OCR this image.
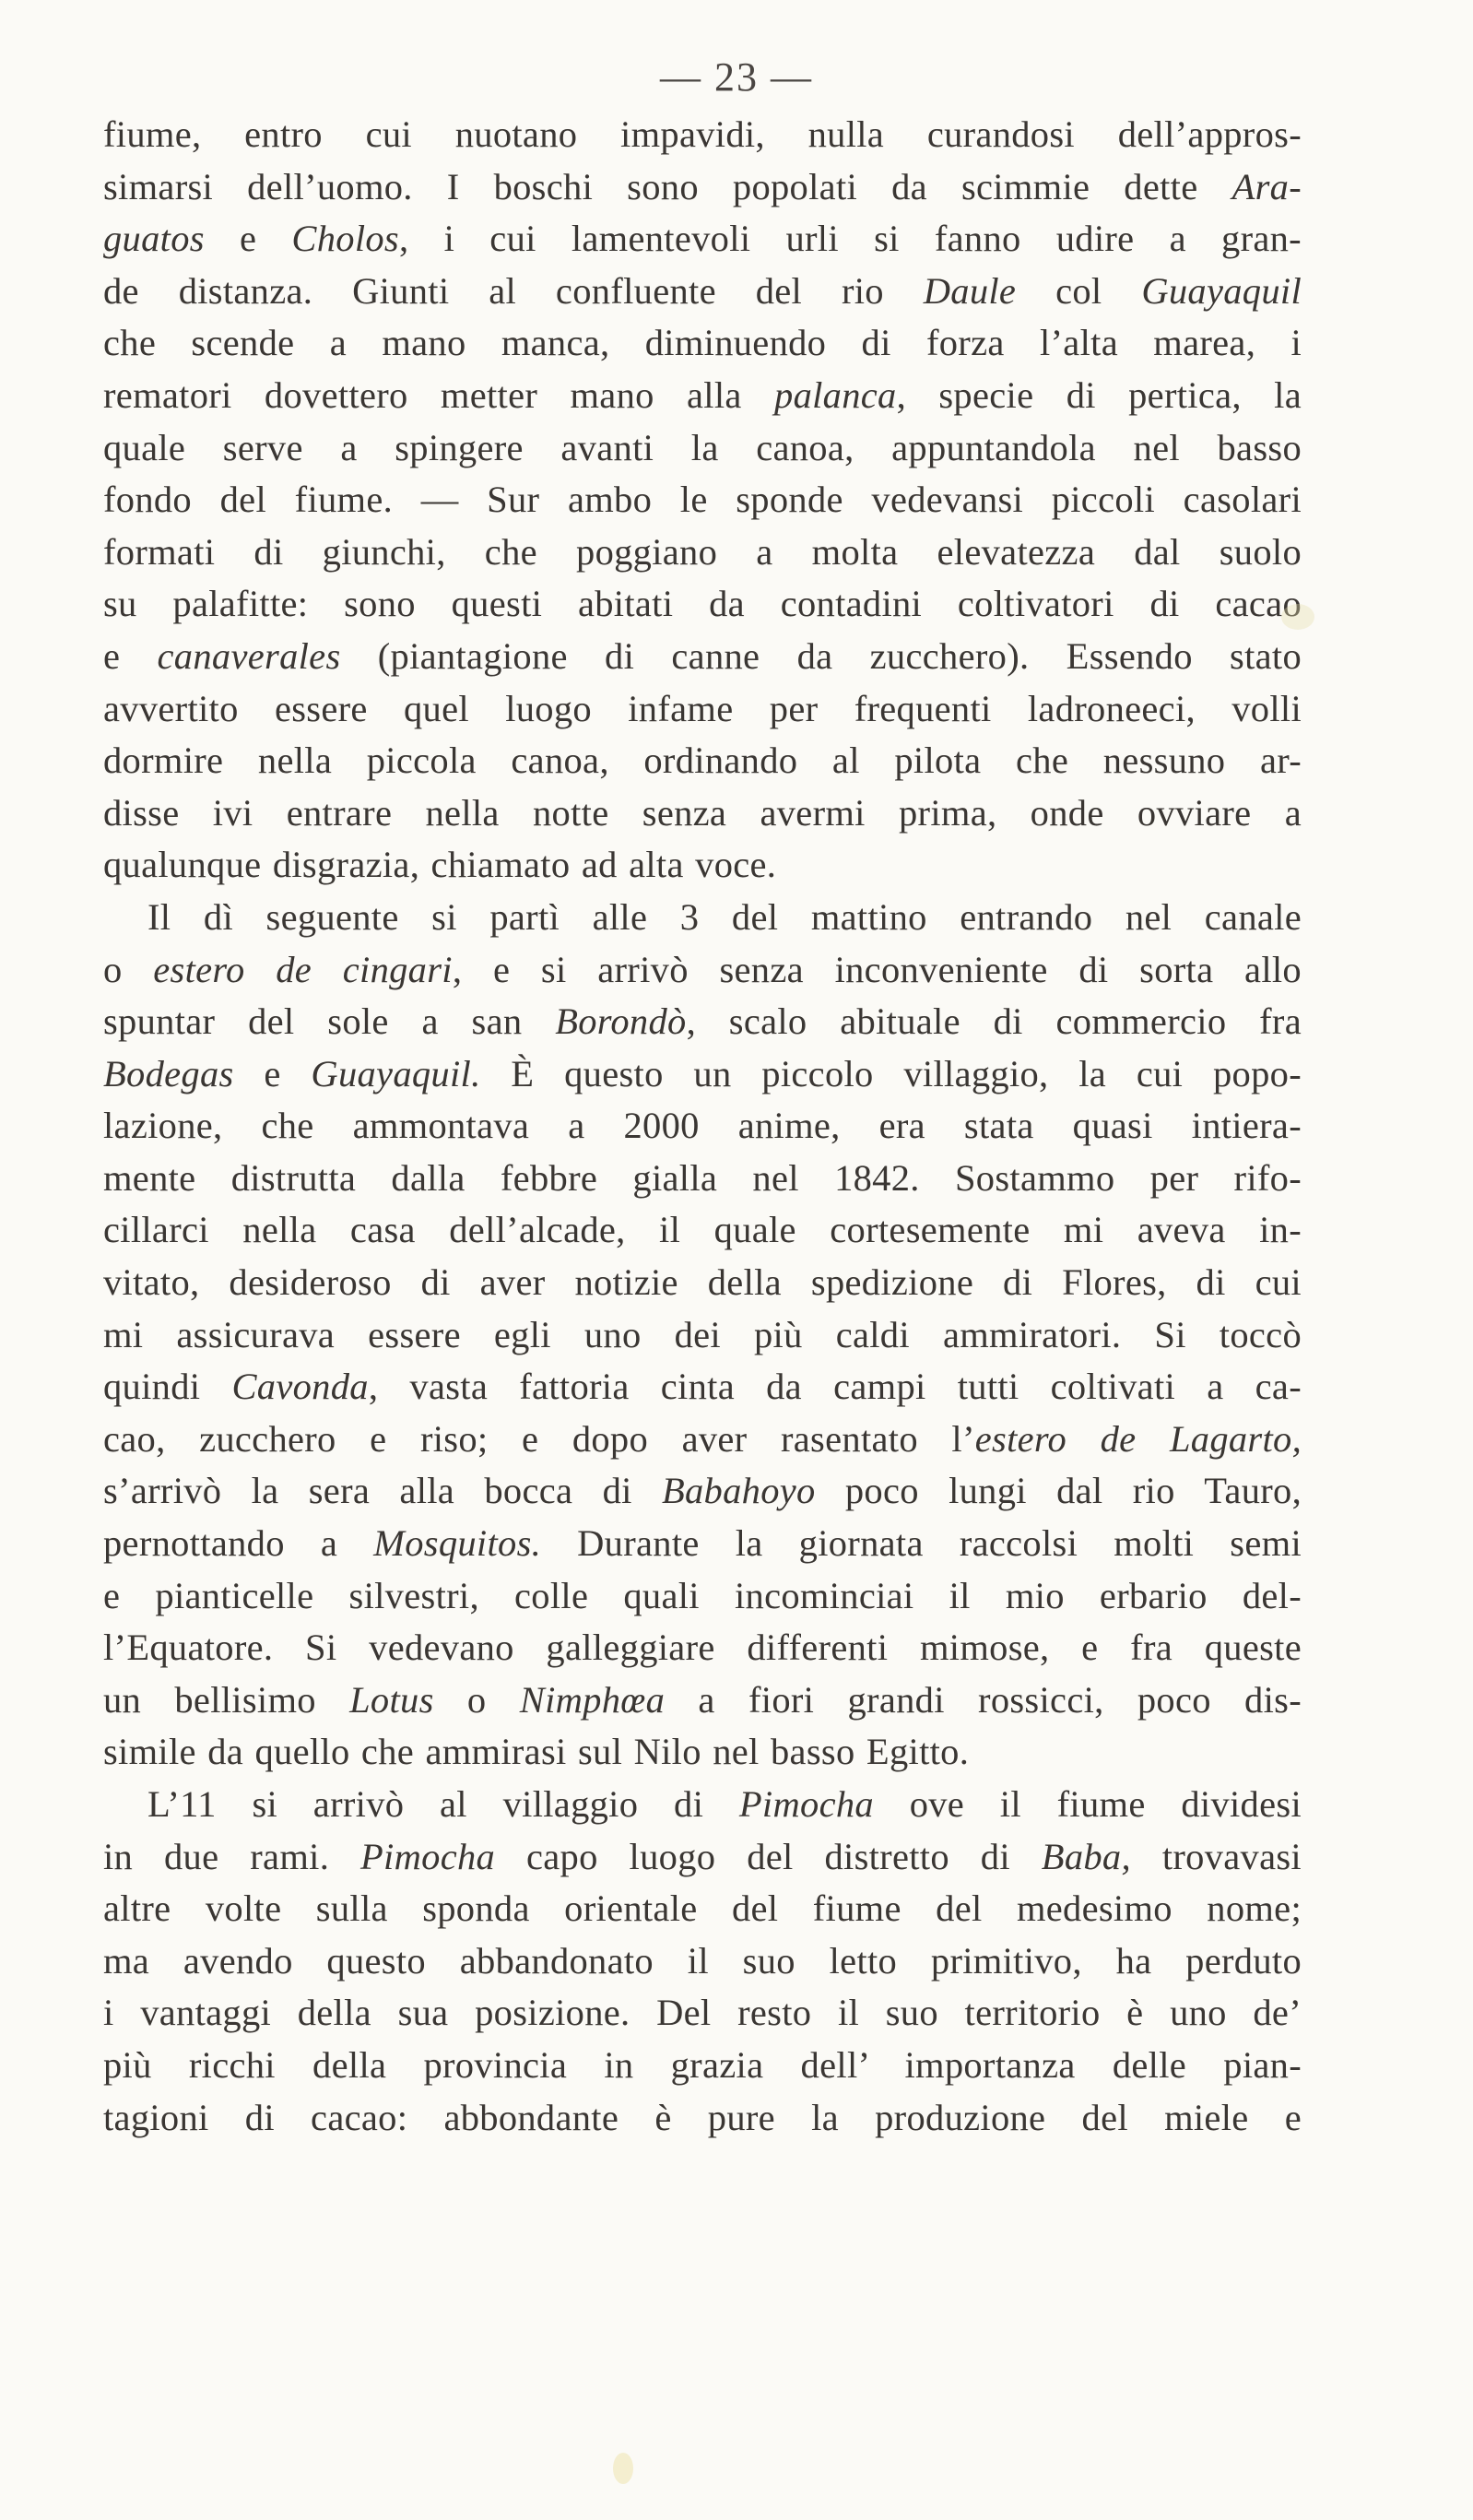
— 23 —
fiume, entro cui nuotano impavidi, nulla curandosi dell’appros-
simarsi dell’uomo. I boschi sono popolati da scimmie dette Ara-
guatos e Cholos, i cui lamentevoli urli si fanno udire a gran-
de distanza. Giunti al confluente del rio Daule col Guayaquil
che scende a mano manca, diminuendo di forza l’alta marea, i
rematori dovettero metter mano alla palanca, specie di pertica, la
quale serve a spingere avanti la canoa, appuntandola nel basso
fondo del fiume. — Sur ambo le sponde vedevansi piccoli casolari
formati di giunchi, che poggiano a molta elevatezza dal suolo
su palafitte: sono questi abitati da contadini coltivatori di cacao
e canaverales (piantagione di canne da zucchero). Essendo stato
avvertito essere quel luogo infame per frequenti ladroneeci, volli
dormire nella piccola canoa, ordinando al pilota che nessuno ar-
disse ivi entrare nella notte senza avermi prima, onde ovviare a
qualunque disgrazia, chiamato ad alta voce.
Il dì seguente si partì alle 3 del mattino entrando nel canale
o estero de cingari, e si arrivò senza inconveniente di sorta allo
spuntar del sole a san Borondò, scalo abituale di commercio fra
Bodegas e Guayaquil. È questo un piccolo villaggio, la cui popo-
lazione, che ammontava a 2000 anime, era stata quasi intiera-
mente distrutta dalla febbre gialla nel 1842. Sostammo per rifo-
cillarci nella casa dell’alcade, il quale cortesemente mi aveva in-
vitato, desideroso di aver notizie della spedizione di Flores, di cui
mi assicurava essere egli uno dei più caldi ammiratori. Si toccò
quindi Cavonda, vasta fattoria cinta da campi tutti coltivati a ca-
cao, zucchero e riso; e dopo aver rasentato l’estero de Lagarto,
s’arrivò la sera alla bocca di Babahoyo poco lungi dal rio Tauro,
pernottando a Mosquitos. Durante la giornata raccolsi molti semi
e pianticelle silvestri, colle quali incominciai il mio erbario del-
l’Equatore. Si vedevano galleggiare differenti mimose, e fra queste
un bellisimo Lotus o Nimphœa a fiori grandi rossicci, poco dis-
simile da quello che ammirasi sul Nilo nel basso Egitto.
L’11 si arrivò al villaggio di Pimocha ove il fiume dividesi
in due rami. Pimocha capo luogo del distretto di Baba, trovavasi
altre volte sulla sponda orientale del fiume del medesimo nome;
ma avendo questo abbandonato il suo letto primitivo, ha perduto
i vantaggi della sua posizione. Del resto il suo territorio è uno de’
più ricchi della provincia in grazia dell’ importanza delle pian-
tagioni di cacao: abbondante è pure la produzione del miele e
